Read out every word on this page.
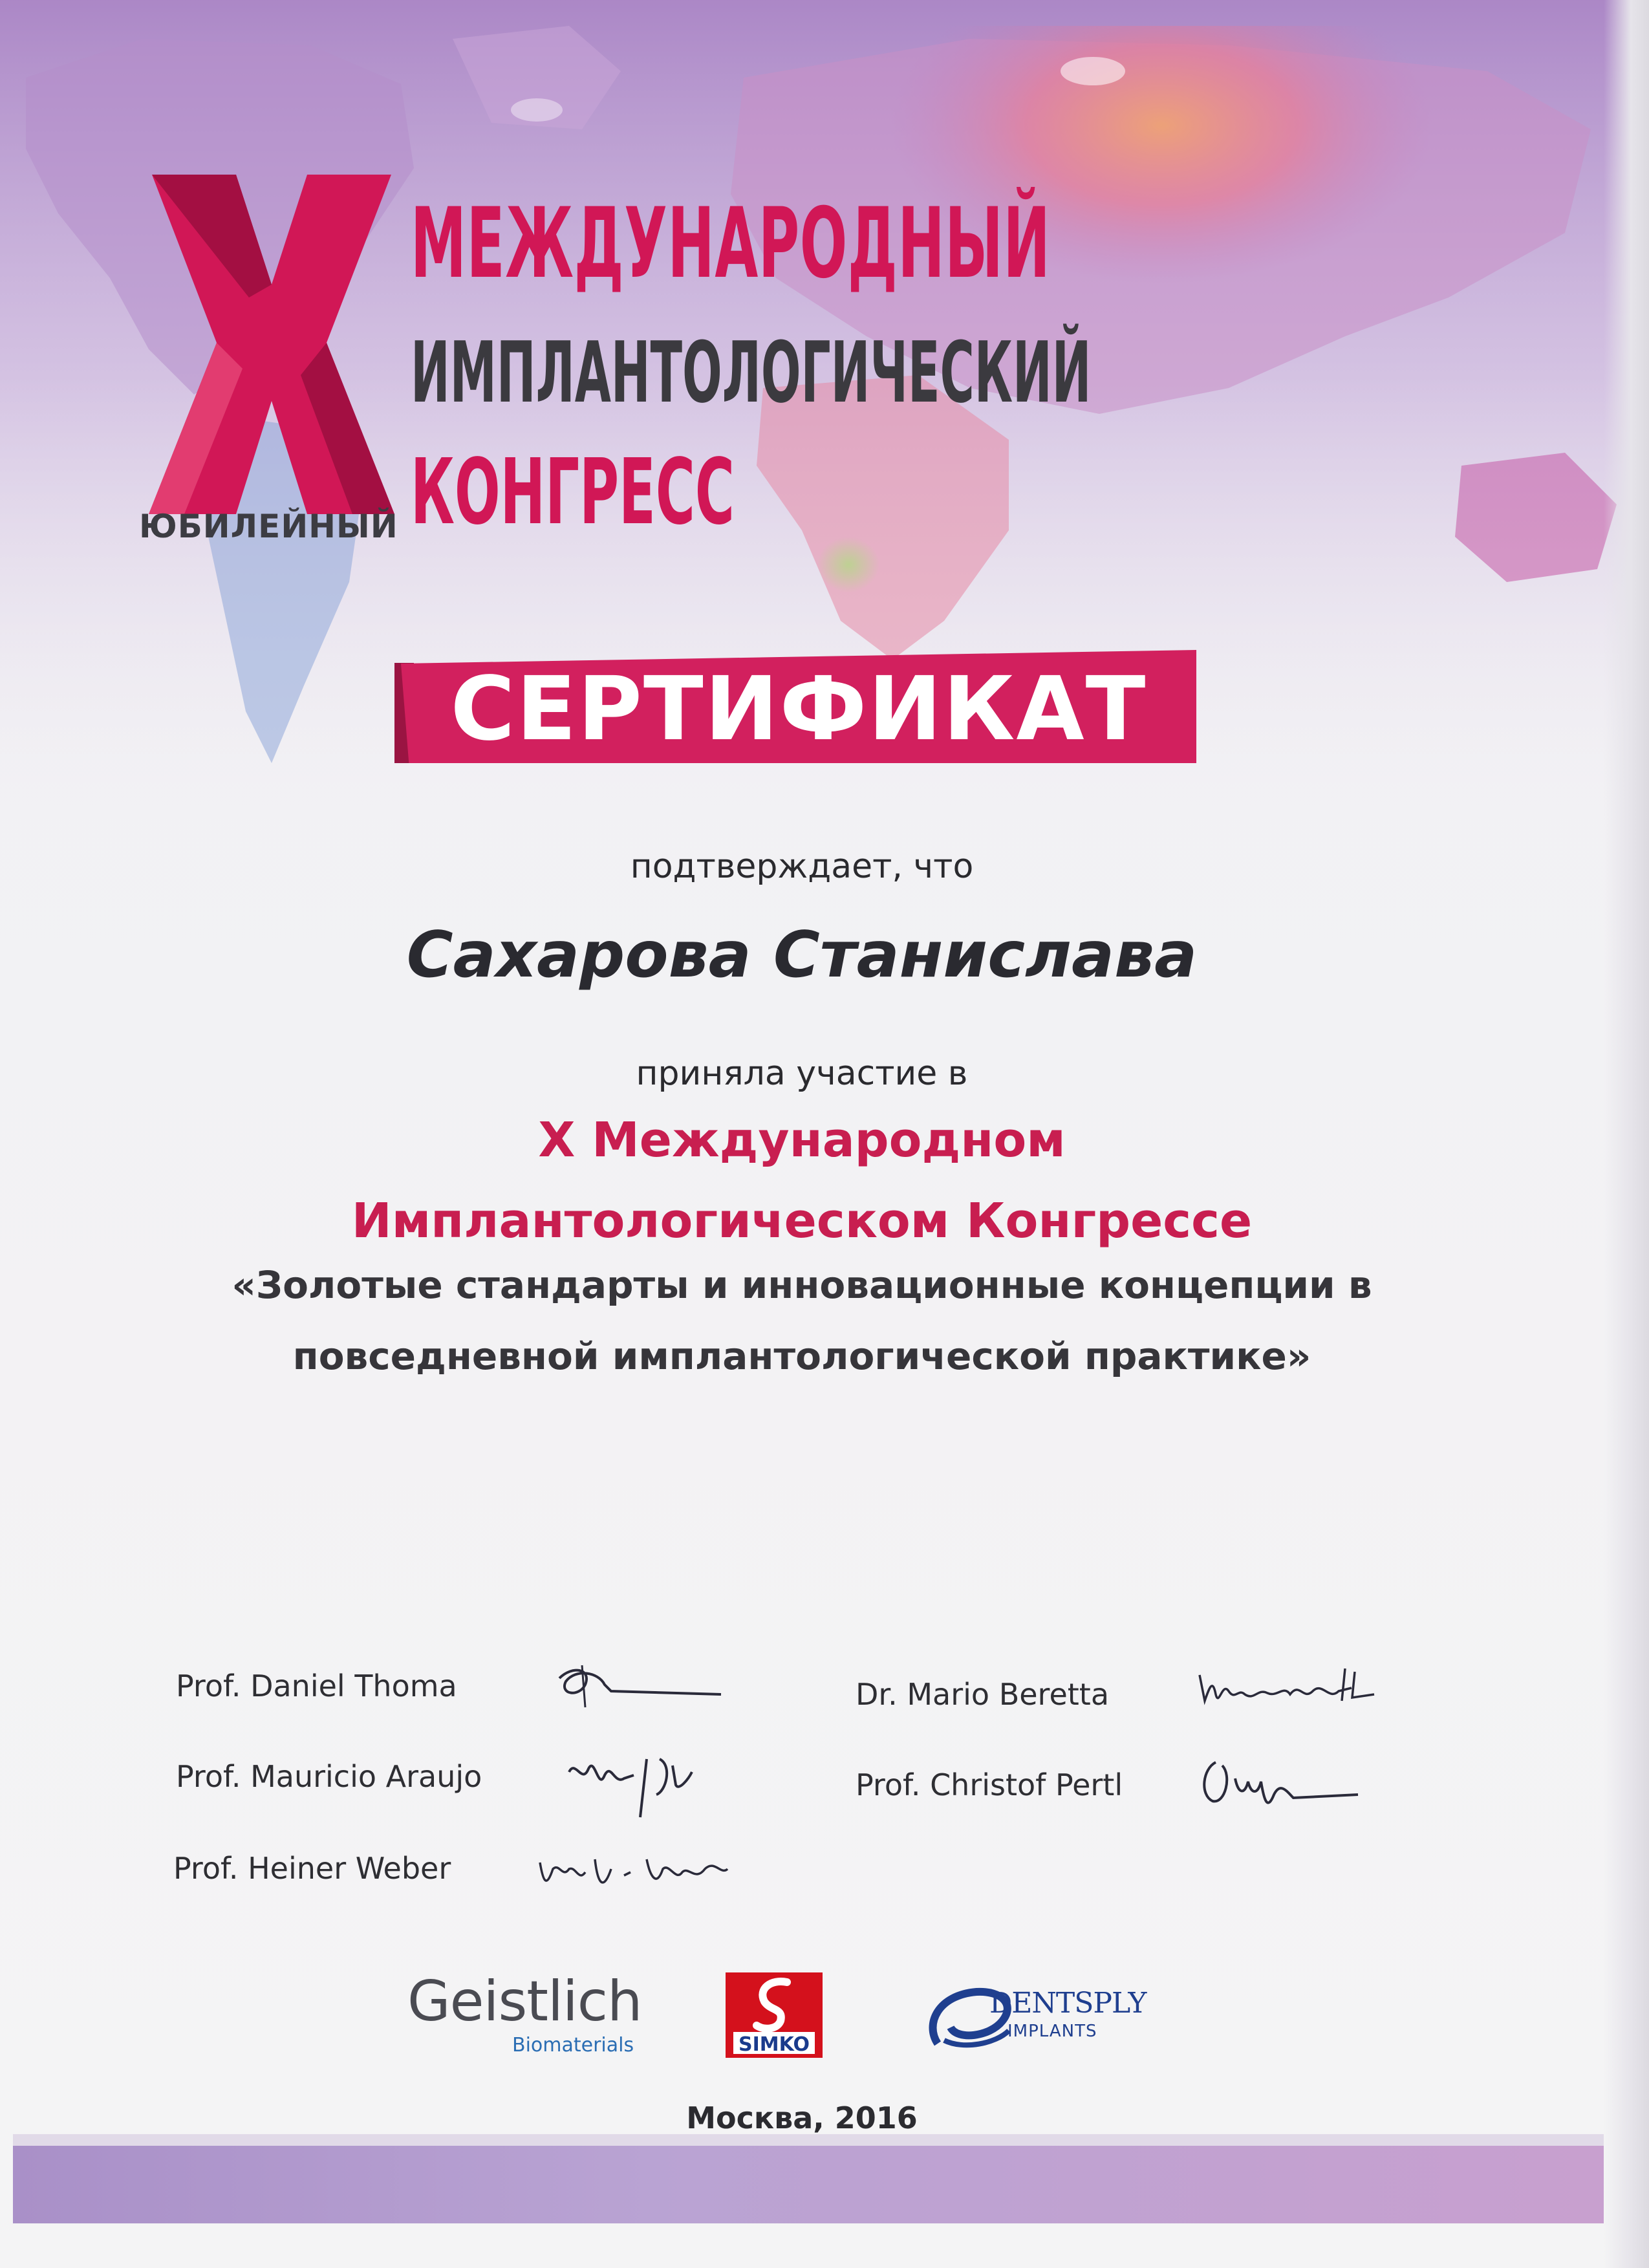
ЮБИЛЕЙНЫЙ
МЕЖДУНАРОДНЫЙ
ИМПЛАНТОЛОГИЧЕСКИЙ
КОНГРЕСС
СЕРТИФИКАТ
подтверждает, что
Сахарова Станислава
приняла участие в
X Международном
Имплантологическом Конгрессе
«Золотые стандарты и инновационные концепции в
повседневной имплантологической практике»
Prof. Daniel Thoma	Dr. Mario Beretta
Prof. Mauricio Araujo	Prof. Christof Pertl
Prof. Heiner Weber
Geistlich
Biomaterials	SIMKO
DENTSPLY
IMPLANTS
Москва, 2016
